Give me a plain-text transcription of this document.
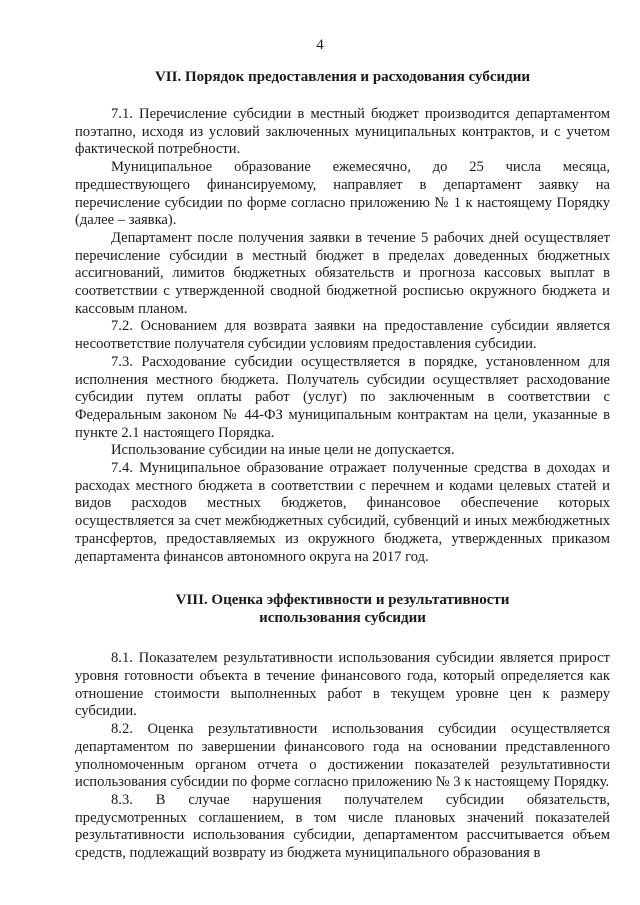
4
VII. Порядок предоставления и расходования субсидии

7.1. Перечисление субсидии в местный бюджет производится департаментом поэтапно, исходя из условий заключенных муниципальных контрактов, и с учетом фактической потребности.

Муниципальное образование ежемесячно, до 25 числа месяца, предшествующего финансируемому, направляет в департамент заявку на перечисление субсидии по форме согласно приложению № 1 к настоящему Порядку (далее – заявка).

Департамент после получения заявки в течение 5 рабочих дней осуществляет перечисление субсидии в местный бюджет в пределах доведенных бюджетных ассигнований, лимитов бюджетных обязательств и прогноза кассовых выплат в соответствии с утвержденной сводной бюджетной росписью окружного бюджета и кассовым планом.

7.2. Основанием для возврата заявки на предоставление субсидии является несоответствие получателя субсидии условиям предоставления субсидии.

7.3. Расходование субсидии осуществляется в порядке, установленном для исполнения местного бюджета. Получатель субсидии осуществляет расходование субсидии путем оплаты работ (услуг) по заключенным в соответствии с Федеральным законом № 44-ФЗ муниципальным контрактам на цели, указанные в пункте 2.1 настоящего Порядка.

Использование субсидии на иные цели не допускается.

7.4. Муниципальное образование отражает полученные средства в доходах и расходах местного бюджета в соответствии с перечнем и кодами целевых статей и видов расходов местных бюджетов, финансовое обеспечение которых осуществляется за счет межбюджетных субсидий, субвенций и иных межбюджетных трансфертов, предоставляемых из окружного бюджета, утвержденных приказом департамента финансов автономного округа на 2017 год.

VIII. Оценка эффективности и результативности
использования субсидии

8.1. Показателем результативности использования субсидии является прирост уровня готовности объекта в течение финансового года, который определяется как отношение стоимости выполненных работ в текущем уровне цен к размеру субсидии.

8.2. Оценка результативности использования субсидии осуществляется департаментом по завершении финансового года на основании представленного уполномоченным органом отчета о достижении показателей результативности использования субсидии по форме согласно приложению № 3 к настоящему Порядку.

8.3. В случае нарушения получателем субсидии обязательств, предусмотренных соглашением, в том числе плановых значений показателей результативности использования субсидии, департаментом рассчитывается объем средств, подлежащий возврату из бюджета муниципального образования в
